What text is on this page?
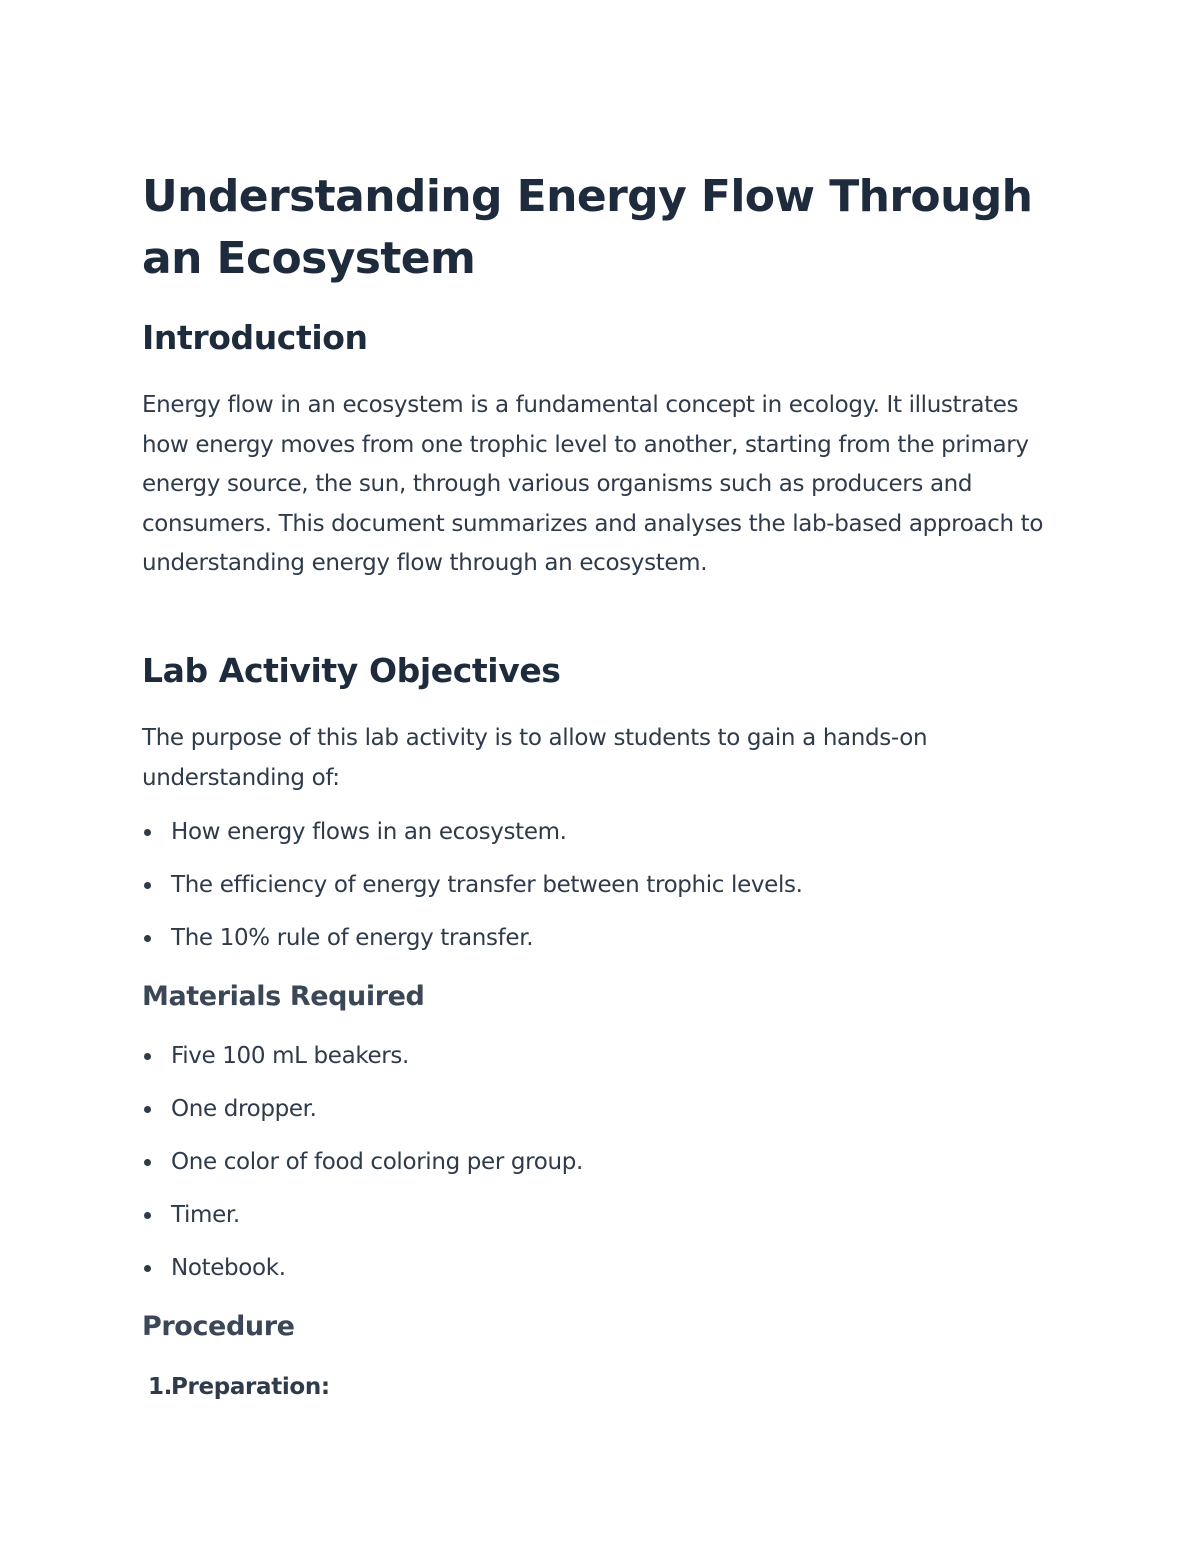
Understanding Energy Flow Through an Ecosystem
Introduction

Energy flow in an ecosystem is a fundamental concept in ecology. It illustrates how energy moves from one trophic level to another, starting from the primary energy source, the sun, through various organisms such as producers and consumers. This document summarizes and analyses the lab-based approach to understanding energy flow through an ecosystem.

Lab Activity Objectives

The purpose of this lab activity is to allow students to gain a hands-on understanding of:

How energy flows in an ecosystem.
The efficiency of energy transfer between trophic levels.
The 10% rule of energy transfer.
Materials Required
Five 100 mL beakers.
One dropper.
One color of food coloring per group.
Timer.
Notebook.
Procedure
1.Preparation:
